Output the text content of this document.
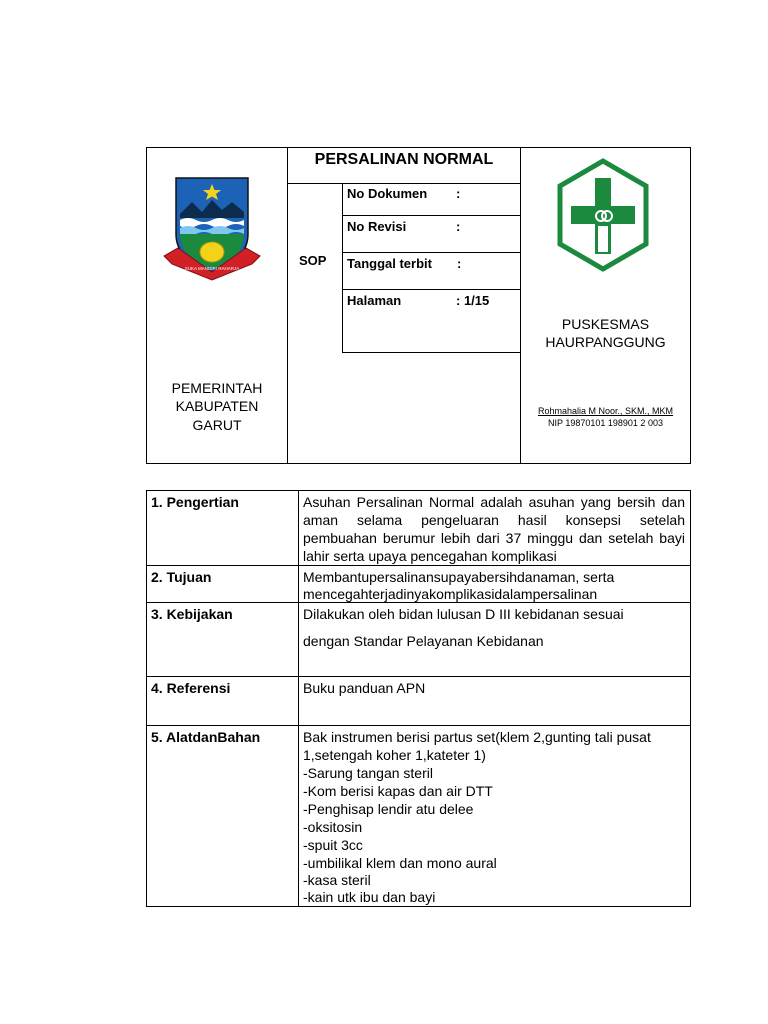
SUKA MANDIRI RAHARJA
PEMERINTAH
KABUPATEN
GARUT
PERSALINAN NORMAL
SOP
No Dokumen :
No Revisi	:
Tanggal terbit :
Halaman	: 1/15
PUSKESMAS
HAURPANGGUNG
Rohmahalia M Noor., SKM., MKM
NIP 19870101 198901 2 003
1. Pengertian	Asuhan Persalinan Normal adalah asuhan yang bersih dan aman selama pengeluaran hasil konsepsi setelah pembuahan berumur lebih dari 37 minggu dan setelah bayi lahir serta upaya pencegahan komplikasi
2. Tujuan	Membantupersalinansupayabersihdanaman, serta
mencegahterjadinyakomplikasidalampersalinan
3. Kebijakan	Dilakukan oleh bidan lulusan D III kebidanan sesuai
dengan Standar Pelayanan Kebidanan
4. Referensi	Buku panduan APN
5. AlatdanBahan	Bak instrumen berisi partus set(klem 2,gunting tali pusat
1,setengah koher 1,kateter 1)
-Sarung tangan steril
-Kom berisi kapas dan air DTT
-Penghisap lendir atu delee
-oksitosin
-spuit 3cc
-umbilikal klem dan mono aural
-kasa steril
-kain utk ibu dan bayi
